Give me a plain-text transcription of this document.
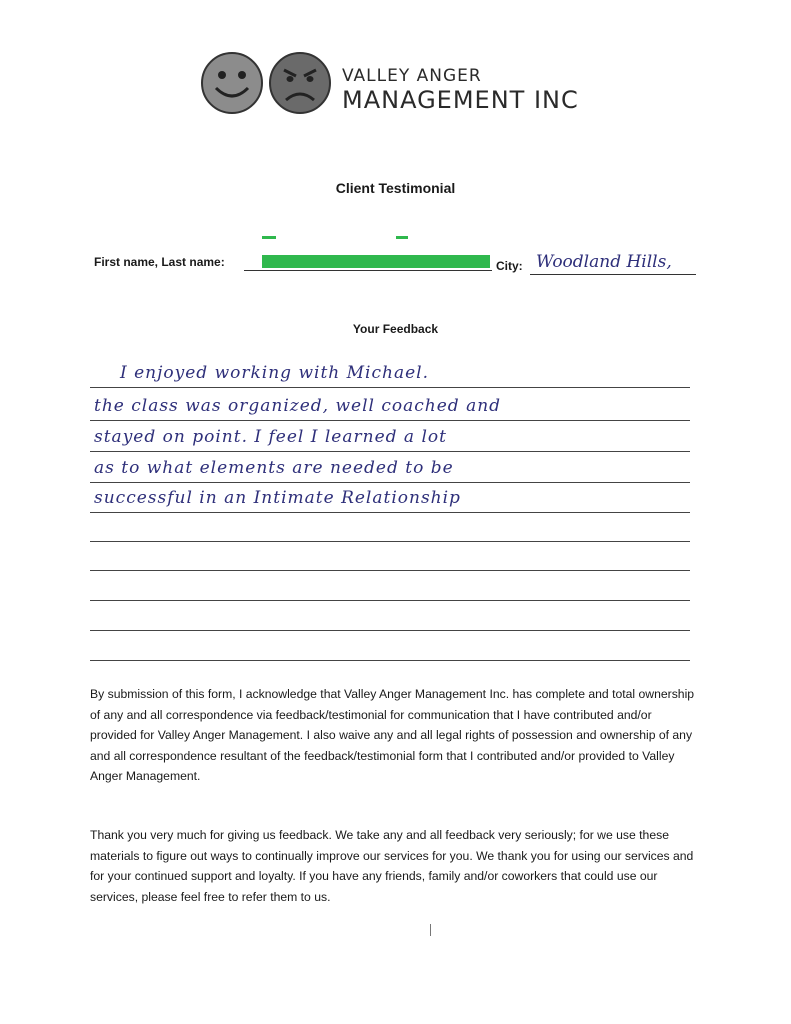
VALLEY ANGER
MANAGEMENT INC
Client Testimonial
First name, Last name:	City: Woodland Hills,
Your Feedback
I enjoyed working with Michael.
the class was organized, well coached and
stayed on point. I feel I learned a lot
as to what elements are needed to be
successful in an Intimate Relationship
By submission of this form, I acknowledge that Valley Anger Management Inc. has complete and total ownership of any and all correspondence via feedback/testimonial for communication that I have contributed and/or provided for Valley Anger Management. I also waive any and all legal rights of possession and ownership of any and all correspondence resultant of the feedback/testimonial form that I contributed and/or provided to Valley Anger Management.
Thank you very much for giving us feedback. We take any and all feedback very seriously; for we use these materials to figure out ways to continually improve our services for you. We thank you for using our services and for your continued support and loyalty. If you have any friends, family and/or coworkers that could use our services, please feel free to refer them to us.
